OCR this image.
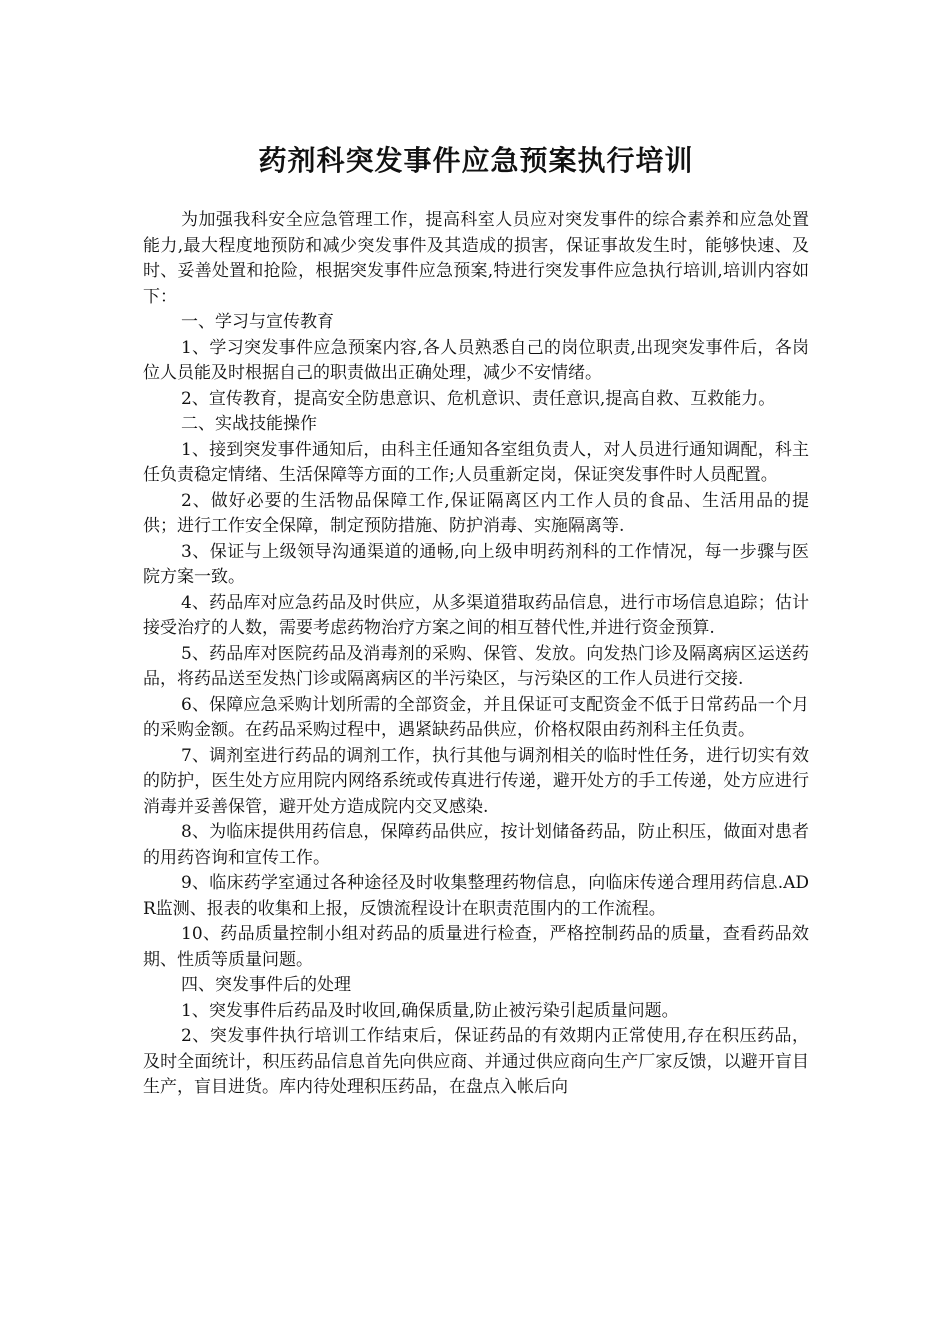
药剂科突发事件应急预案执行培训

为加强我科安全应急管理工作，提高科室人员应对突发事件的综合素养和应急处置能力,最大程度地预防和减少突发事件及其造成的损害，保证事故发生时，能够快速、及时、妥善处置和抢险，根据突发事件应急预案,特进行突发事件应急执行培训,培训内容如下：

一、学习与宣传教育

1、学习突发事件应急预案内容,各人员熟悉自己的岗位职责,出现突发事件后，各岗位人员能及时根据自己的职责做出正确处理，减少不安情绪。

2、宣传教育，提高安全防患意识、危机意识、责任意识,提高自救、互救能力。

二、实战技能操作

1、接到突发事件通知后，由科主任通知各室组负责人，对人员进行通知调配，科主任负责稳定情绪、生活保障等方面的工作;人员重新定岗，保证突发事件时人员配置。

2、做好必要的生活物品保障工作,保证隔离区内工作人员的食品、生活用品的提供；进行工作安全保障，制定预防措施、防护消毒、实施隔离等.

3、保证与上级领导沟通渠道的通畅,向上级申明药剂科的工作情况，每一步骤与医院方案一致。

4、药品库对应急药品及时供应，从多渠道猎取药品信息，进行市场信息追踪；估计接受治疗的人数，需要考虑药物治疗方案之间的相互替代性,并进行资金预算.

5、药品库对医院药品及消毒剂的采购、保管、发放。向发热门诊及隔离病区运送药品，将药品送至发热门诊或隔离病区的半污染区，与污染区的工作人员进行交接.

6、保障应急采购计划所需的全部资金，并且保证可支配资金不低于日常药品一个月的采购金额。在药品采购过程中，遇紧缺药品供应，价格权限由药剂科主任负责。

7、调剂室进行药品的调剂工作，执行其他与调剂相关的临时性任务，进行切实有效的防护，医生处方应用院内网络系统或传真进行传递，避开处方的手工传递，处方应进行消毒并妥善保管，避开处方造成院内交叉感染.

8、为临床提供用药信息，保障药品供应，按计划储备药品，防止积压，做面对患者的用药咨询和宣传工作。

9、临床药学室通过各种途径及时收集整理药物信息，向临床传递合理用药信息.ADR监测、报表的收集和上报，反馈流程设计在职责范围内的工作流程。

10、药品质量控制小组对药品的质量进行检查，严格控制药品的质量，查看药品效期、性质等质量问题。

四、突发事件后的处理

1、突发事件后药品及时收回,确保质量,防止被污染引起质量问题。

2、突发事件执行培训工作结束后，保证药品的有效期内正常使用,存在积压药品，及时全面统计，积压药品信息首先向供应商、并通过供应商向生产厂家反馈，以避开盲目生产，盲目进货。库内待处理积压药品，在盘点入帐后向
